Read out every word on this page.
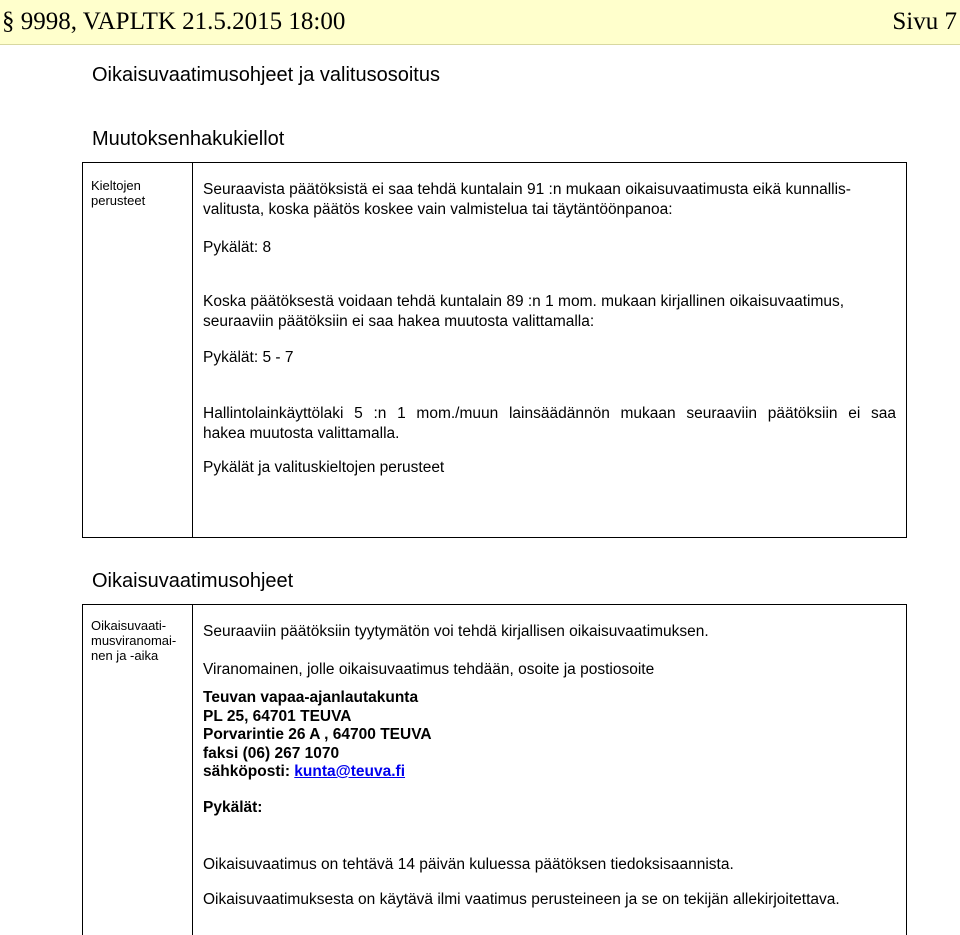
§ 9998, VAPLTK 21.5.2015 18:00	Sivu 7
Oikaisuvaatimusohjeet ja valitusosoitus
Muutoksenhakukiellot
Kieltojen
perusteet
Seuraavista päätöksistä ei saa tehdä kuntalain 91 :n mukaan oikaisuvaatimusta eikä kunnallis-
valitusta, koska päätös koskee vain valmistelua tai täytäntöönpanoa:
Pykälät: 8
Koska päätöksestä voidaan tehdä kuntalain 89 :n 1 mom. mukaan kirjallinen oikaisuvaatimus,
seuraaviin päätöksiin ei saa hakea muutosta valittamalla:
Pykälät: 5 - 7
Hallintolainkäyttölaki 5 :n 1 mom./muun lainsäädännön mukaan seuraaviin päätöksiin ei saa
hakea muutosta valittamalla.
Pykälät ja valituskieltojen perusteet
Oikaisuvaatimusohjeet
Oikaisuvaati-
musviranomai-
nen ja -aika
Seuraaviin päätöksiin tyytymätön voi tehdä kirjallisen oikaisuvaatimuksen.
Viranomainen, jolle oikaisuvaatimus tehdään, osoite ja postiosoite
Teuvan vapaa-ajanlautakunta
PL 25, 64701 TEUVA
Porvarintie 26 A , 64700 TEUVA
faksi (06) 267 1070
sähköposti: kunta@teuva.fi
Pykälät:
Oikaisuvaatimus on tehtävä 14 päivän kuluessa päätöksen tiedoksisaannista.
Oikaisuvaatimuksesta on käytävä ilmi vaatimus perusteineen ja se on tekijän allekirjoitettava.
